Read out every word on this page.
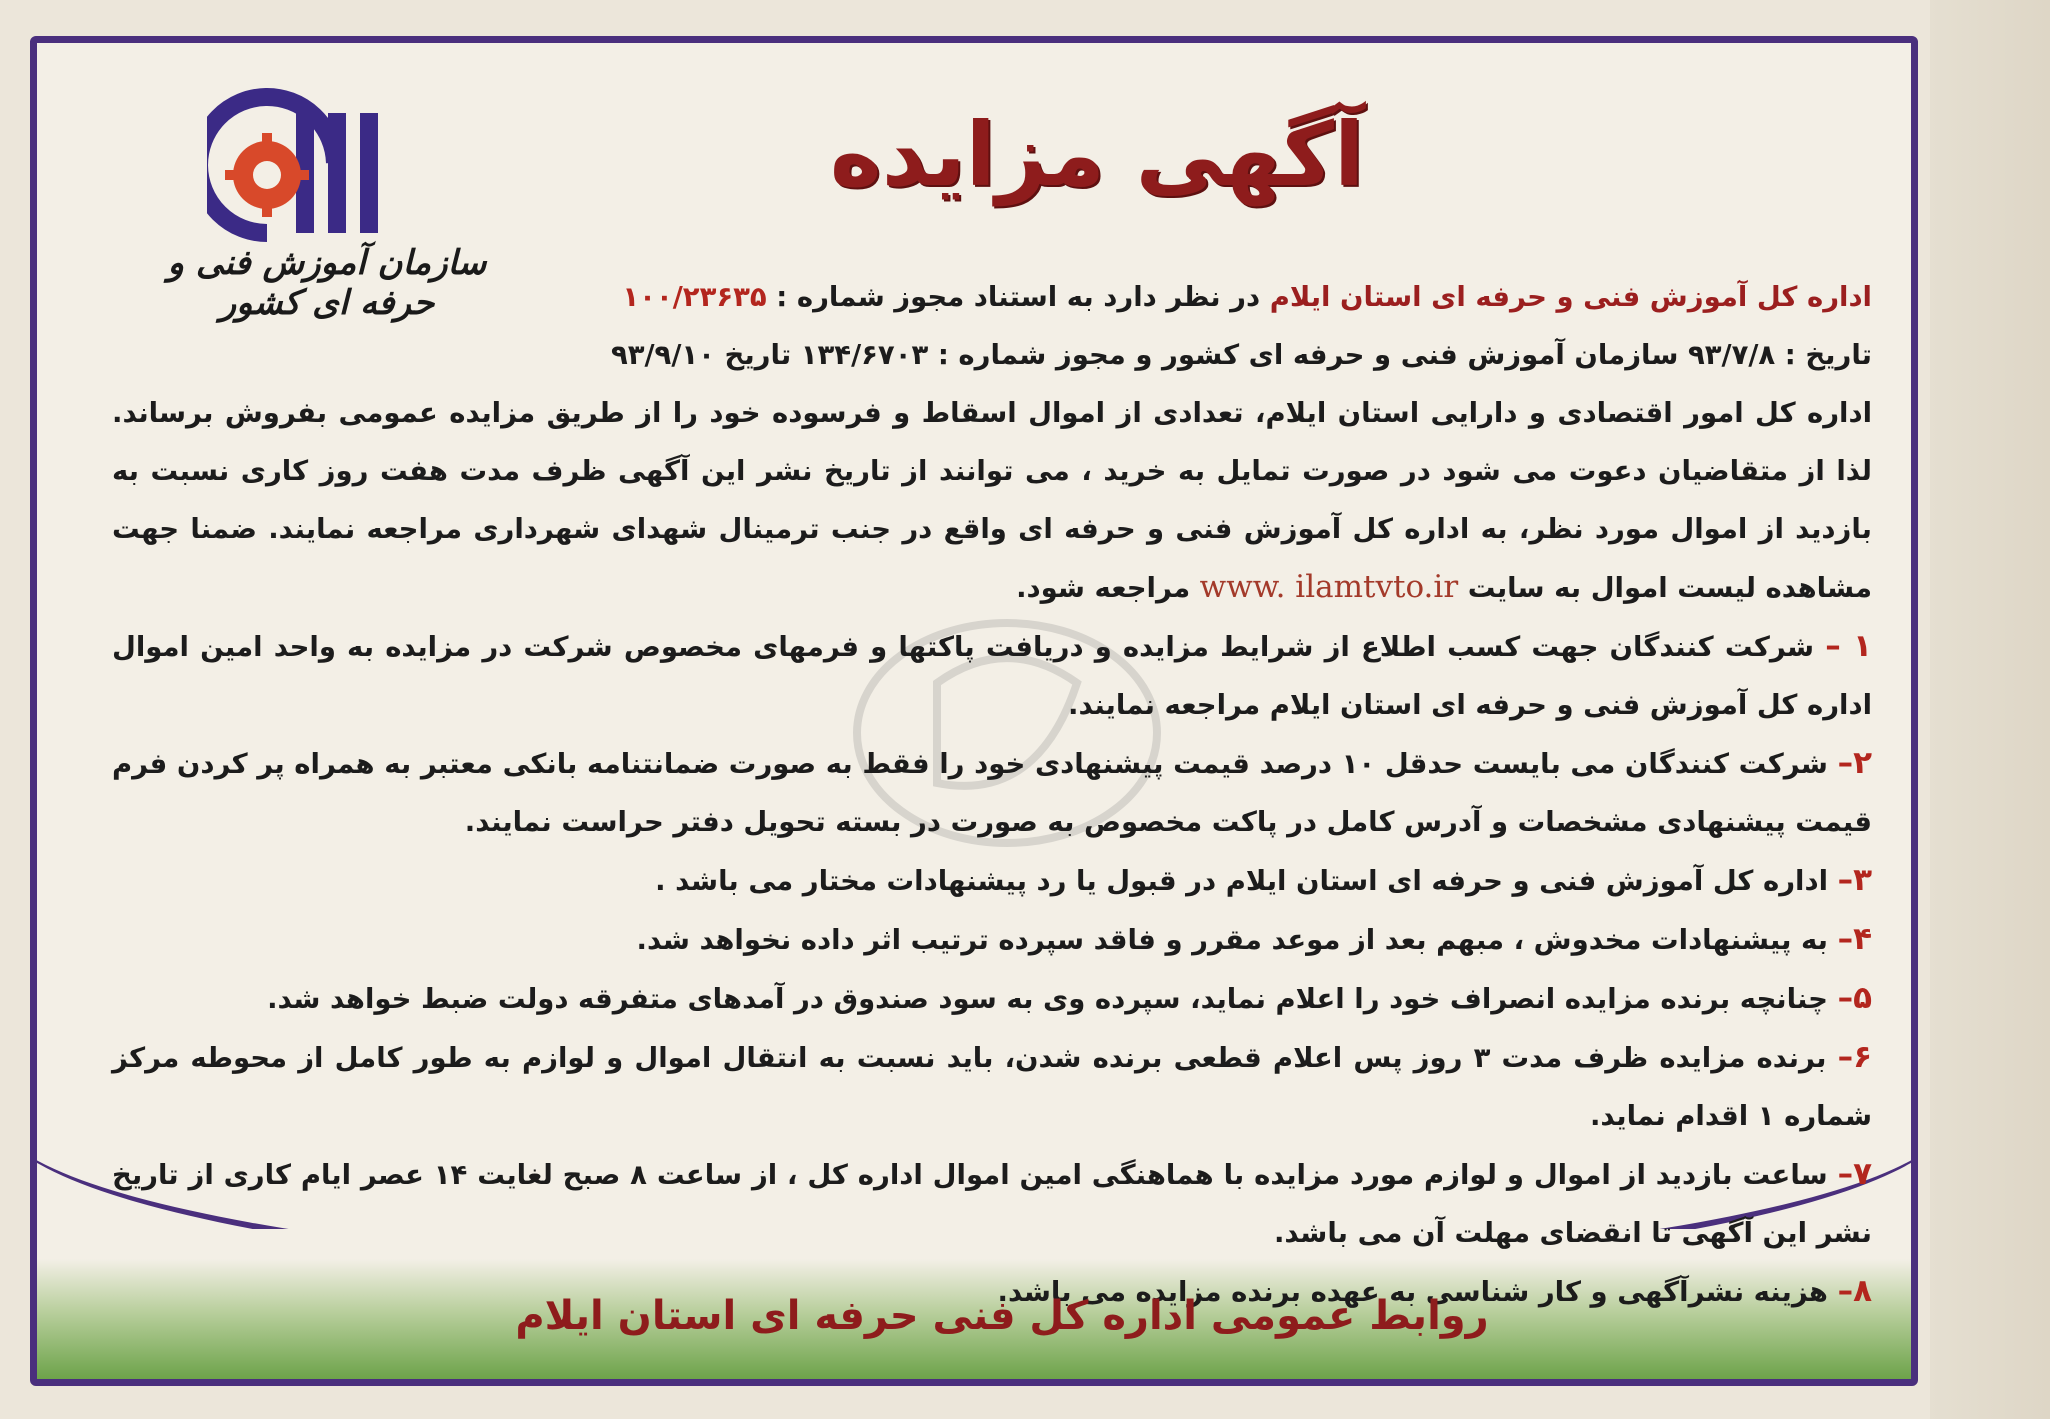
سازمان آموزش فنی و حرفه ای کشور
آگهی مزایده

اداره کل آموزش فنی و حرفه ای استان ایلام در نظر دارد به استناد مجوز شماره : ۱۰۰/۲۳۶۳۵

تاریخ : ۹۳/۷/۸ سازمان آموزش فنی و حرفه ای کشور و مجوز شماره : ۱۳۴/۶۷۰۳ تاریخ ۹۳/۹/۱۰

اداره کل امور اقتصادی و دارایی استان ایلام، تعدادی از اموال اسقاط و فرسوده خود را از طریق مزایده عمومی بفروش برساند. لذا از متقاضیان دعوت می شود در صورت تمایل به خرید ، می توانند از تاریخ نشر این آگهی ظرف مدت هفت روز کاری نسبت به بازدید از اموال مورد نظر، به اداره کل آموزش فنی و حرفه ای واقع در جنب ترمینال شهدای شهرداری مراجعه نمایند. ضمنا جهت مشاهده لیست اموال به سایت www. ilamtvto.ir مراجعه شود.

۱ – شرکت کنندگان جهت کسب اطلاع از شرایط مزایده و دریافت پاکتها و فرمهای مخصوص شرکت در مزایده به واحد امین اموال اداره کل آموزش فنی و حرفه ای استان ایلام مراجعه نمایند.

۲– شرکت کنندگان می بایست حدقل ۱۰ درصد قیمت پیشنهادی خود را فقط به صورت ضمانتنامه بانکی معتبر به همراه پر کردن فرم قیمت پیشنهادی مشخصات و آدرس کامل در پاکت مخصوص به صورت در بسته تحویل دفتر حراست نمایند.

۳– اداره کل آموزش فنی و حرفه ای استان ایلام در قبول یا رد پیشنهادات مختار می باشد .

۴– به پیشنهادات مخدوش ، مبهم بعد از موعد مقرر و فاقد سپرده ترتیب اثر داده نخواهد شد.

۵– چنانچه برنده مزایده انصراف خود را اعلام نماید، سپرده وی به سود صندوق در آمدهای متفرقه دولت ضبط خواهد شد.

۶– برنده مزایده ظرف مدت ۳ روز پس اعلام قطعی برنده شدن، باید نسبت به انتقال اموال و لوازم به طور کامل از محوطه مرکز شماره ۱ اقدام نماید.

۷– ساعت بازدید از اموال و لوازم مورد مزایده با هماهنگی امین اموال اداره کل ، از ساعت ۸ صبح لغایت ۱۴ عصر ایام کاری از تاریخ نشر این آگهی تا انقضای مهلت آن می باشد.

۸– هزینه نشرآگهی و کار شناسی به عهده برنده مزایده می باشد.

روابط عمومی اداره کل فنی حرفه ای استان ایلام
